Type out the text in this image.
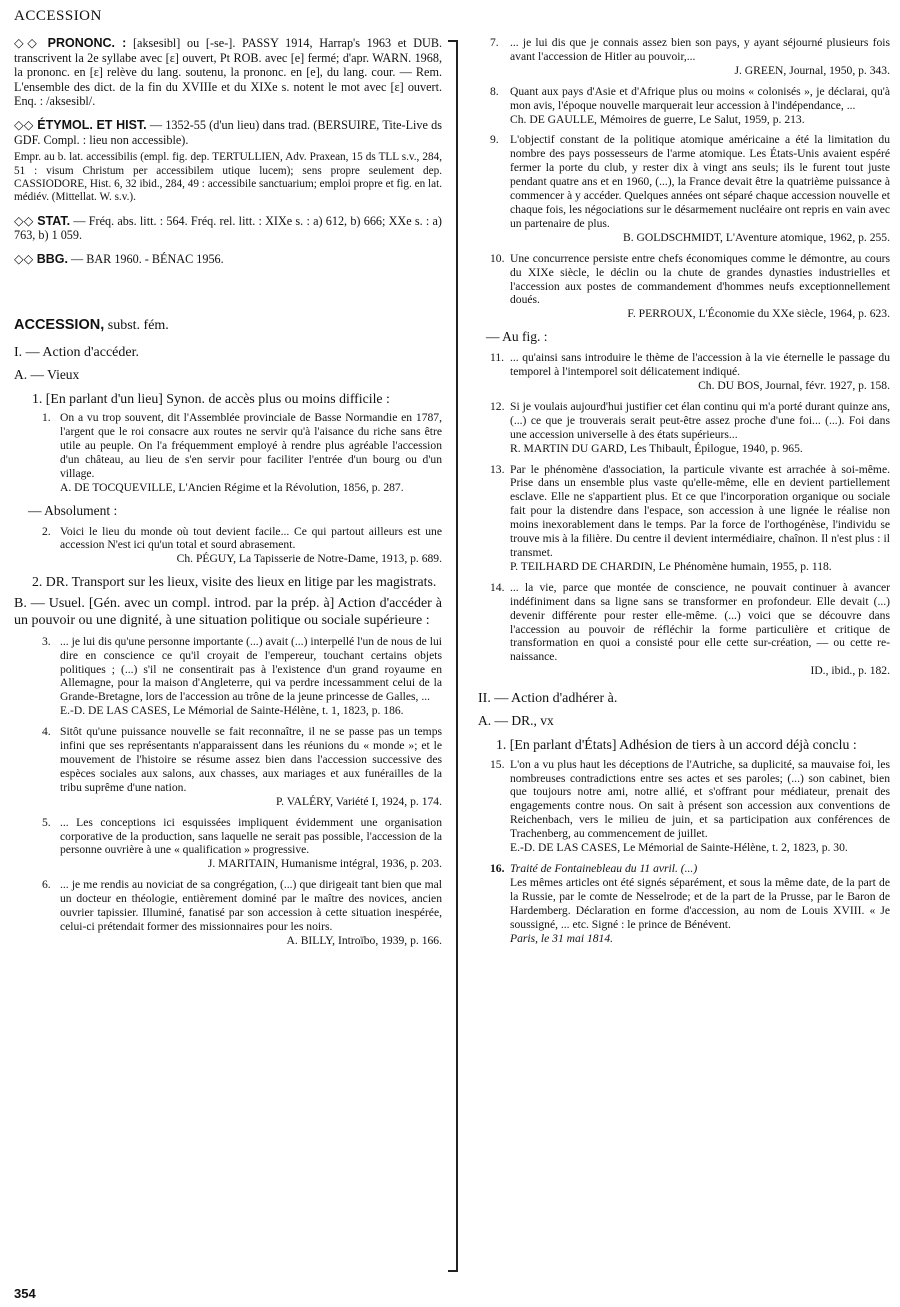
ACCESSION

◇◇ PRONONC. : [aksesibl] ou [-se-]. PASSY 1914, Harrap's 1963 et DUB. transcrivent la 2e syllabe avec [ɛ] ouvert, Pt ROB. avec [e] fermé; d'apr. WARN. 1968, la prononc. en [ɛ] relève du lang. soutenu, la prononc. en [e], du lang. cour. — Rem. L'ensemble des dict. de la fin du XVIIIe et du XIXe s. notent le mot avec [ɛ] ouvert. Enq. : /aksesibl/.

◇◇ ÉTYMOL. ET HIST. — 1352-55 (d'un lieu) dans trad. (BERSUIRE, Tite-Live ds GDF. Compl. : lieu non accessible).

Empr. au b. lat. accessibilis (empl. fig. dep. TERTULLIEN, Adv. Praxean, 15 ds TLL s.v., 284, 51 : visum Christum per accessibilem utique lucem); sens propre seulement dep. CASSIODORE, Hist. 6, 32 ibid., 284, 49 : accessibile sanctuarium; emploi propre et fig. en lat. médiév. (Mittellat. W. s.v.).

◇◇ STAT. — Fréq. abs. litt. : 564. Fréq. rel. litt. : XIXe s. : a) 612, b) 666; XXe s. : a) 763, b) 1 059.

◇◇ BBG. — BAR 1960. - BÉNAC 1956.

ACCESSION, subst. fém.
I. — Action d'accéder.
A. — Vieux
1. [En parlant d'un lieu] Synon. de accès plus ou moins difficile :
1. On a vu trop souvent, dit l'Assemblée provinciale de Basse Normandie en 1787, l'argent que le roi consacre aux routes ne servir qu'à l'aisance du riche sans être utile au peuple. On l'a fréquemment employé à rendre plus agréable l'accession d'un château, au lieu de s'en servir pour faciliter l'entrée d'un bourg ou d'un village.
A. DE TOCQUEVILLE, L'Ancien Régime et la Révolution, 1856, p. 287.
— Absolument :
2. Voici le lieu du monde où tout devient facile... Ce qui partout ailleurs est une accession N'est ici qu'un total et sourd abrasement.
Ch. PÉGUY, La Tapisserie de Notre-Dame, 1913, p. 689.
2. DR. Transport sur les lieux, visite des lieux en litige par les magistrats.
B. — Usuel. [Gén. avec un compl. introd. par la prép. à] Action d'accéder à un pouvoir ou une dignité, à une situation politique ou sociale supérieure :
3. ... je lui dis qu'une personne importante (...) avait (...) interpellé l'un de nous de lui dire en conscience ce qu'il croyait de l'empereur, touchant certains objets politiques ; (...) s'il ne consentirait pas à l'existence d'un grand royaume en Allemagne, pour la maison d'Angleterre, qui va perdre incessamment celui de la Grande-Bretagne, lors de l'accession au trône de la jeune princesse de Galles, ...
E.-D. DE LAS CASES, Le Mémorial de Sainte-Hélène, t. 1, 1823, p. 186.
4. Sitôt qu'une puissance nouvelle se fait reconnaître, il ne se passe pas un temps infini que ses représentants n'apparaissent dans les réunions du « monde »; et le mouvement de l'histoire se résume assez bien dans l'accession successive des espèces sociales aux salons, aux chasses, aux mariages et aux funérailles de la tribu suprême d'une nation.
P. VALÉRY, Variété I, 1924, p. 174.
5. ... Les conceptions ici esquissées impliquent évidemment une organisation corporative de la production, sans laquelle ne serait pas possible, l'accession de la personne ouvrière à une « qualification » progressive.
J. MARITAIN, Humanisme intégral, 1936, p. 203.
6. ... je me rendis au noviciat de sa congrégation, (...) que dirigeait tant bien que mal un docteur en théologie, entièrement dominé par le maître des novices, ancien ouvrier tapissier. Illuminé, fanatisé par son accession à cette situation inespérée, celui-ci prétendait former des missionnaires pour les noirs.
A. BILLY, Introïbo, 1939, p. 166.
7. ... je lui dis que je connais assez bien son pays, y ayant séjourné plusieurs fois avant l'accession de Hitler au pouvoir,...
J. GREEN, Journal, 1950, p. 343.
8. Quant aux pays d'Asie et d'Afrique plus ou moins « colonisés », je déclarai, qu'à mon avis, l'époque nouvelle marquerait leur accession à l'indépendance, ...
Ch. DE GAULLE, Mémoires de guerre, Le Salut, 1959, p. 213.
9. L'objectif constant de la politique atomique américaine a été la limitation du nombre des pays possesseurs de l'arme atomique. Les États-Unis avaient espéré fermer la porte du club, y rester dix à vingt ans seuls; ils le furent tout juste pendant quatre ans et en 1960, (...), la France devait être la quatrième puissance à commencer à y accéder. Quelques années ont séparé chaque accession nouvelle et chaque fois, les négociations sur le désarmement nucléaire ont repris en vain avec un partenaire de plus.
B. GOLDSCHMIDT, L'Aventure atomique, 1962, p. 255.
10. Une concurrence persiste entre chefs économiques comme le démontre, au cours du XIXe siècle, le déclin ou la chute de grandes dynasties industrielles et l'accession aux postes de commandement d'hommes neufs exceptionnellement doués.
F. PERROUX, L'Économie du XXe siècle, 1964, p. 623.
— Au fig. :
11. ... qu'ainsi sans introduire le thème de l'accession à la vie éternelle le passage du temporel à l'intemporel soit délicatement indiqué.
Ch. DU BOS, Journal, févr. 1927, p. 158.
12. Si je voulais aujourd'hui justifier cet élan continu qui m'a porté durant quinze ans, (...) ce que je trouverais serait peut-être assez proche d'une foi... (...). Foi dans une accession universelle à des états supérieurs...
R. MARTIN DU GARD, Les Thibault, Épilogue, 1940, p. 965.
13. Par le phénomène d'association, la particule vivante est arrachée à soi-même. Prise dans un ensemble plus vaste qu'elle-même, elle en devient partiellement esclave. Elle ne s'appartient plus. Et ce que l'incorporation organique ou sociale fait pour la distendre dans l'espace, son accession à une lignée le réalise non moins inexorablement dans le temps. Par la force de l'orthogénèse, l'individu se trouve mis à la filière. Du centre il devient intermédiaire, chaînon. Il n'est plus : il transmet.
P. TEILHARD DE CHARDIN, Le Phénomène humain, 1955, p. 118.
14. ... la vie, parce que montée de conscience, ne pouvait continuer à avancer indéfiniment dans sa ligne sans se transformer en profondeur. Elle devait (...) devenir différente pour rester elle-même. (...) voici que se découvre dans l'accession au pouvoir de réfléchir la forme particulière et critique de transformation en quoi a consisté pour elle cette sur-création, — ou cette re-naissance.
ID., ibid., p. 182.
II. — Action d'adhérer à.
A. — DR., vx
1. [En parlant d'États] Adhésion de tiers à un accord déjà conclu :
15. L'on a vu plus haut les déceptions de l'Autriche, sa duplicité, sa mauvaise foi, les nombreuses contradictions entre ses actes et ses paroles; (...) son cabinet, bien que toujours notre ami, notre allié, et s'offrant pour médiateur, prenait des engagements contre nous. On sait à présent son accession aux conventions de Reichenbach, vers le milieu de juin, et sa participation aux conférences de Trachenberg, au commencement de juillet.
E.-D. DE LAS CASES, Le Mémorial de Sainte-Hélène, t. 2, 1823, p. 30.
16. Traité de Fontainebleau du 11 avril. (...)
Les mêmes articles ont été signés séparément, et sous la même date, de la part de la Russie, par le comte de Nesselrode; et de la part de la Prusse, par le Baron de Hardemberg. Déclaration en forme d'accession, au nom de Louis XVIII. « Je soussigné, ... etc. Signé : le prince de Bénévent.
Paris, le 31 mai 1814.
354
